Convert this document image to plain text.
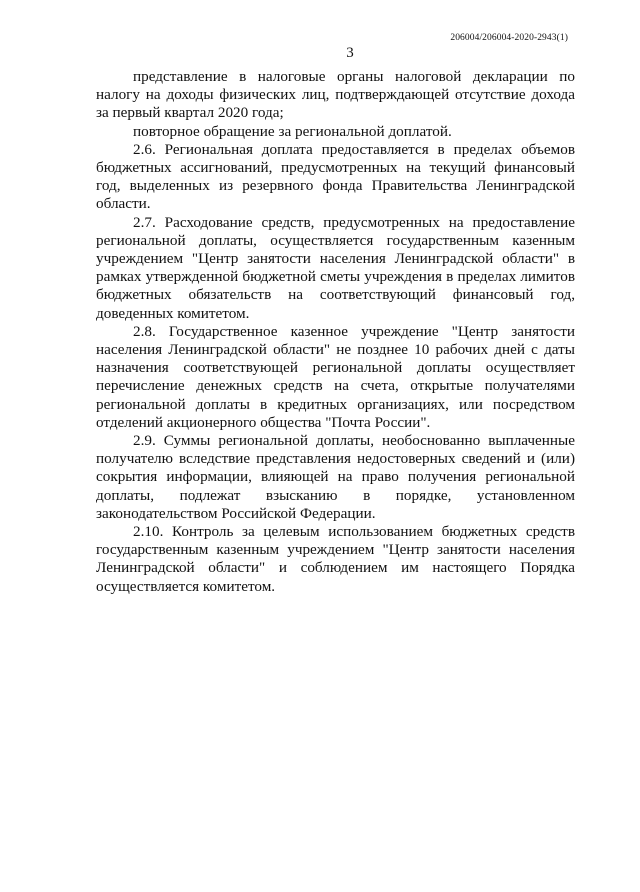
206004/206004-2020-2943(1)
3

представление в налоговые органы налоговой декларации по налогу на доходы физических лиц, подтверждающей отсутствие дохода за первый квартал 2020 года;

повторное обращение за региональной доплатой.

2.6. Региональная доплата предоставляется в пределах объемов бюджетных ассигнований, предусмотренных на текущий финансовый год, выделенных из резервного фонда Правительства Ленинградской области.

2.7. Расходование средств, предусмотренных на предоставление региональной доплаты, осуществляется государственным казенным учреждением "Центр занятости населения Ленинградской области" в рамках утвержденной бюджетной сметы учреждения в пределах лимитов бюджетных обязательств на соответствующий финансовый год, доведенных комитетом.

2.8. Государственное казенное учреждение "Центр занятости населения Ленинградской области" не позднее 10 рабочих дней с даты назначения соответствующей региональной доплаты осуществляет перечисление денежных средств на счета, открытые получателями региональной доплаты в кредитных организациях, или посредством отделений акционерного общества "Почта России".

2.9. Суммы региональной доплаты, необоснованно выплаченные получателю вследствие представления недостоверных сведений и (или) сокрытия информации, влияющей на право получения региональной доплаты, подлежат взысканию в порядке, установленном законодательством Российской Федерации.

2.10. Контроль за целевым использованием бюджетных средств государственным казенным учреждением "Центр занятости населения Ленинградской области" и соблюдением им настоящего Порядка осуществляется комитетом.
